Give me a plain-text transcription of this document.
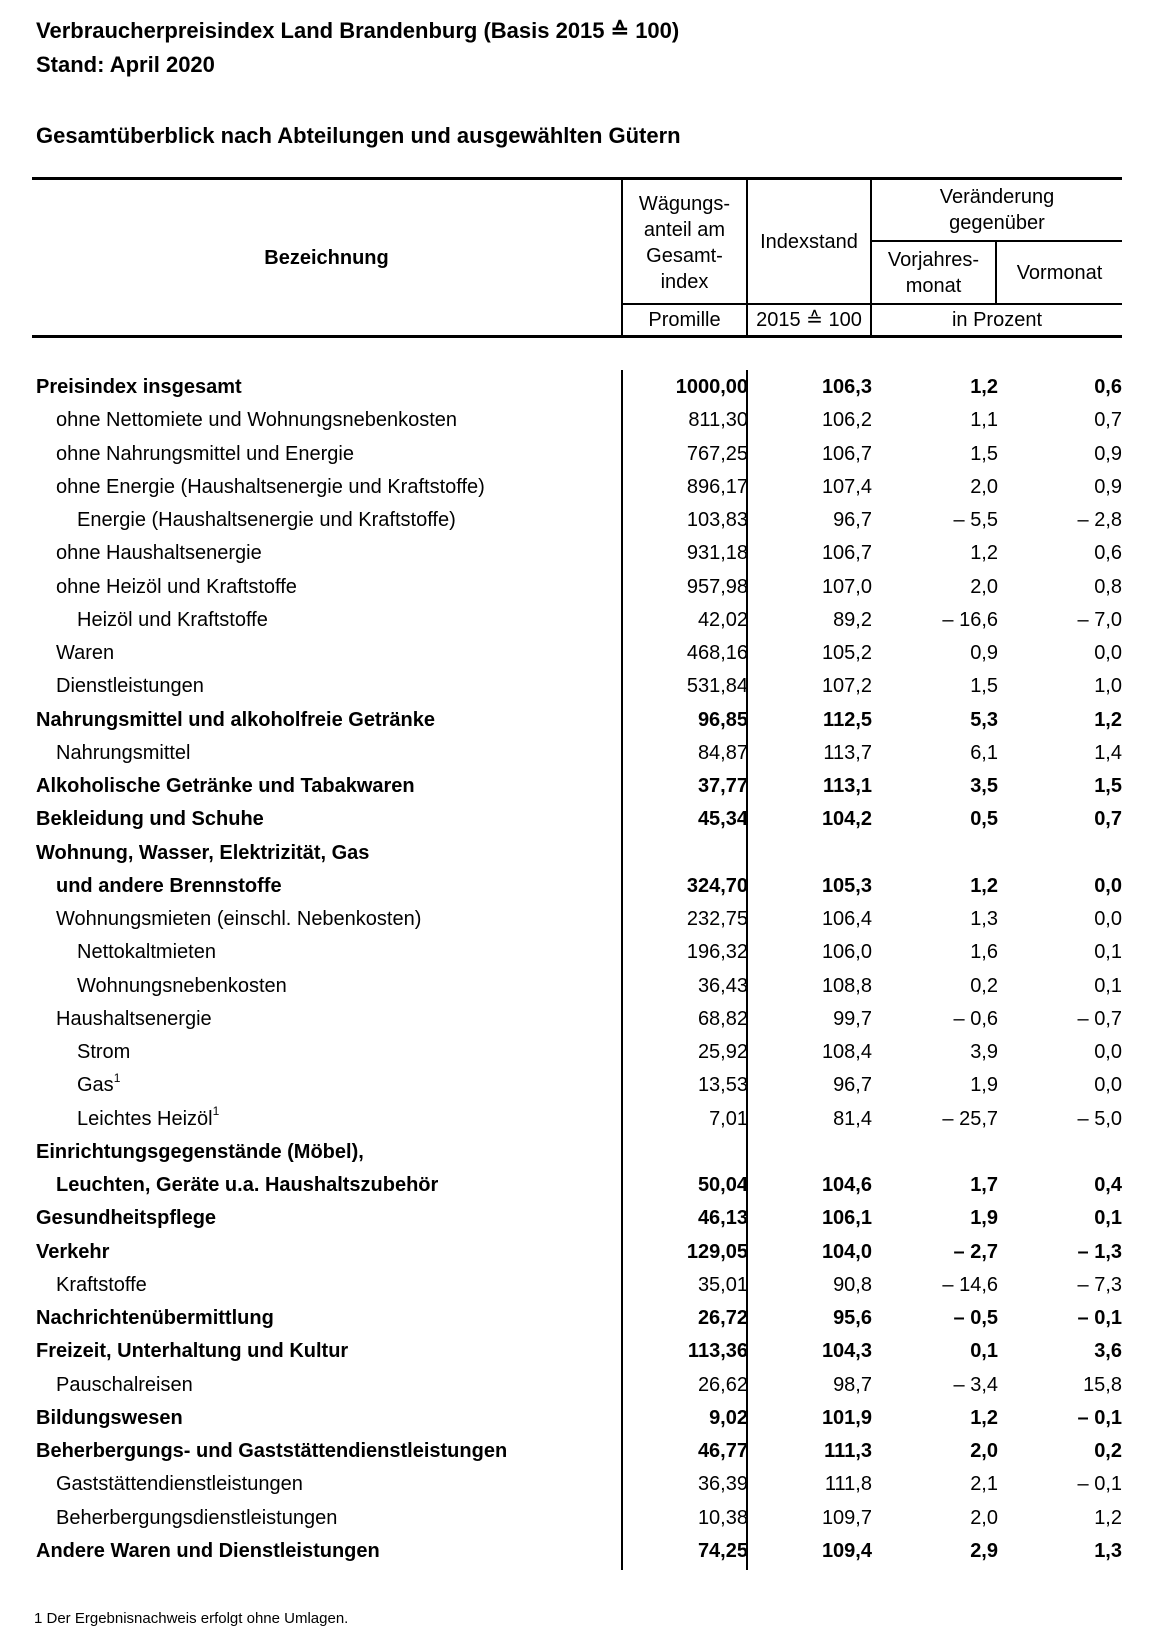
Verbraucherpreisindex Land Brandenburg (Basis 2015 ≙ 100)
Stand: April 2020
Gesamtüberblick nach Abteilungen und ausgewählten Gütern
Bezeichnung
Wägungs-
anteil am
Gesamt-
index
Indexstand
Veränderung
gegenüber
Vorjahres-
monat
Vormonat
Promille	2015 ≙ 100	in Prozent
Preisindex insgesamt	1000,00	106,3	1,2	0,6
ohne Nettomiete und Wohnungsnebenkosten	811,30	106,2	1,1	0,7
ohne Nahrungsmittel und Energie	767,25	106,7	1,5	0,9
ohne Energie (Haushaltsenergie und Kraftstoffe)	896,17	107,4	2,0	0,9
Energie (Haushaltsenergie und Kraftstoffe)	103,83	96,7	– 5,5	– 2,8
ohne Haushaltsenergie	931,18	106,7	1,2	0,6
ohne Heizöl und Kraftstoffe	957,98	107,0	2,0	0,8
Heizöl und Kraftstoffe	42,02	89,2	– 16,6	– 7,0
Waren	468,16	105,2	0,9	0,0
Dienstleistungen	531,84	107,2	1,5	1,0
Nahrungsmittel und alkoholfreie Getränke	96,85	112,5	5,3	1,2
Nahrungsmittel	84,87	113,7	6,1	1,4
Alkoholische Getränke und Tabakwaren	37,77	113,1	3,5	1,5
Bekleidung und Schuhe	45,34	104,2	0,5	0,7
Wohnung, Wasser, Elektrizität, Gas
und andere Brennstoffe	324,70	105,3	1,2	0,0
Wohnungsmieten (einschl. Nebenkosten)	232,75	106,4	1,3	0,0
Nettokaltmieten	196,32	106,0	1,6	0,1
Wohnungsnebenkosten	36,43	108,8	0,2	0,1
Haushaltsenergie	68,82	99,7	– 0,6	– 0,7
Strom	25,92	108,4	3,9	0,0
Gas$^1$	13,53	96,7	1,9	0,0
Leichtes Heizöl$^1$	7,01	81,4	– 25,7	– 5,0
Einrichtungsgegenstände (Möbel),
Leuchten, Geräte u.a. Haushaltszubehör	50,04	104,6	1,7	0,4
Gesundheitspflege	46,13	106,1	1,9	0,1
Verkehr	129,05	104,0	– 2,7	– 1,3
Kraftstoffe	35,01	90,8	– 14,6	– 7,3
Nachrichtenübermittlung	26,72	95,6	– 0,5	– 0,1
Freizeit, Unterhaltung und Kultur	113,36	104,3	0,1	3,6
Pauschalreisen	26,62	98,7	– 3,4	15,8
Bildungswesen	9,02	101,9	1,2	– 0,1
Beherbergungs- und Gaststättendienstleistungen	46,77	111,3	2,0	0,2
Gaststättendienstleistungen	36,39	111,8	2,1	– 0,1
Beherbergungsdienstleistungen	10,38	109,7	2,0	1,2
Andere Waren und Dienstleistungen	74,25	109,4	2,9	1,3
1 Der Ergebnisnachweis erfolgt ohne Umlagen.
